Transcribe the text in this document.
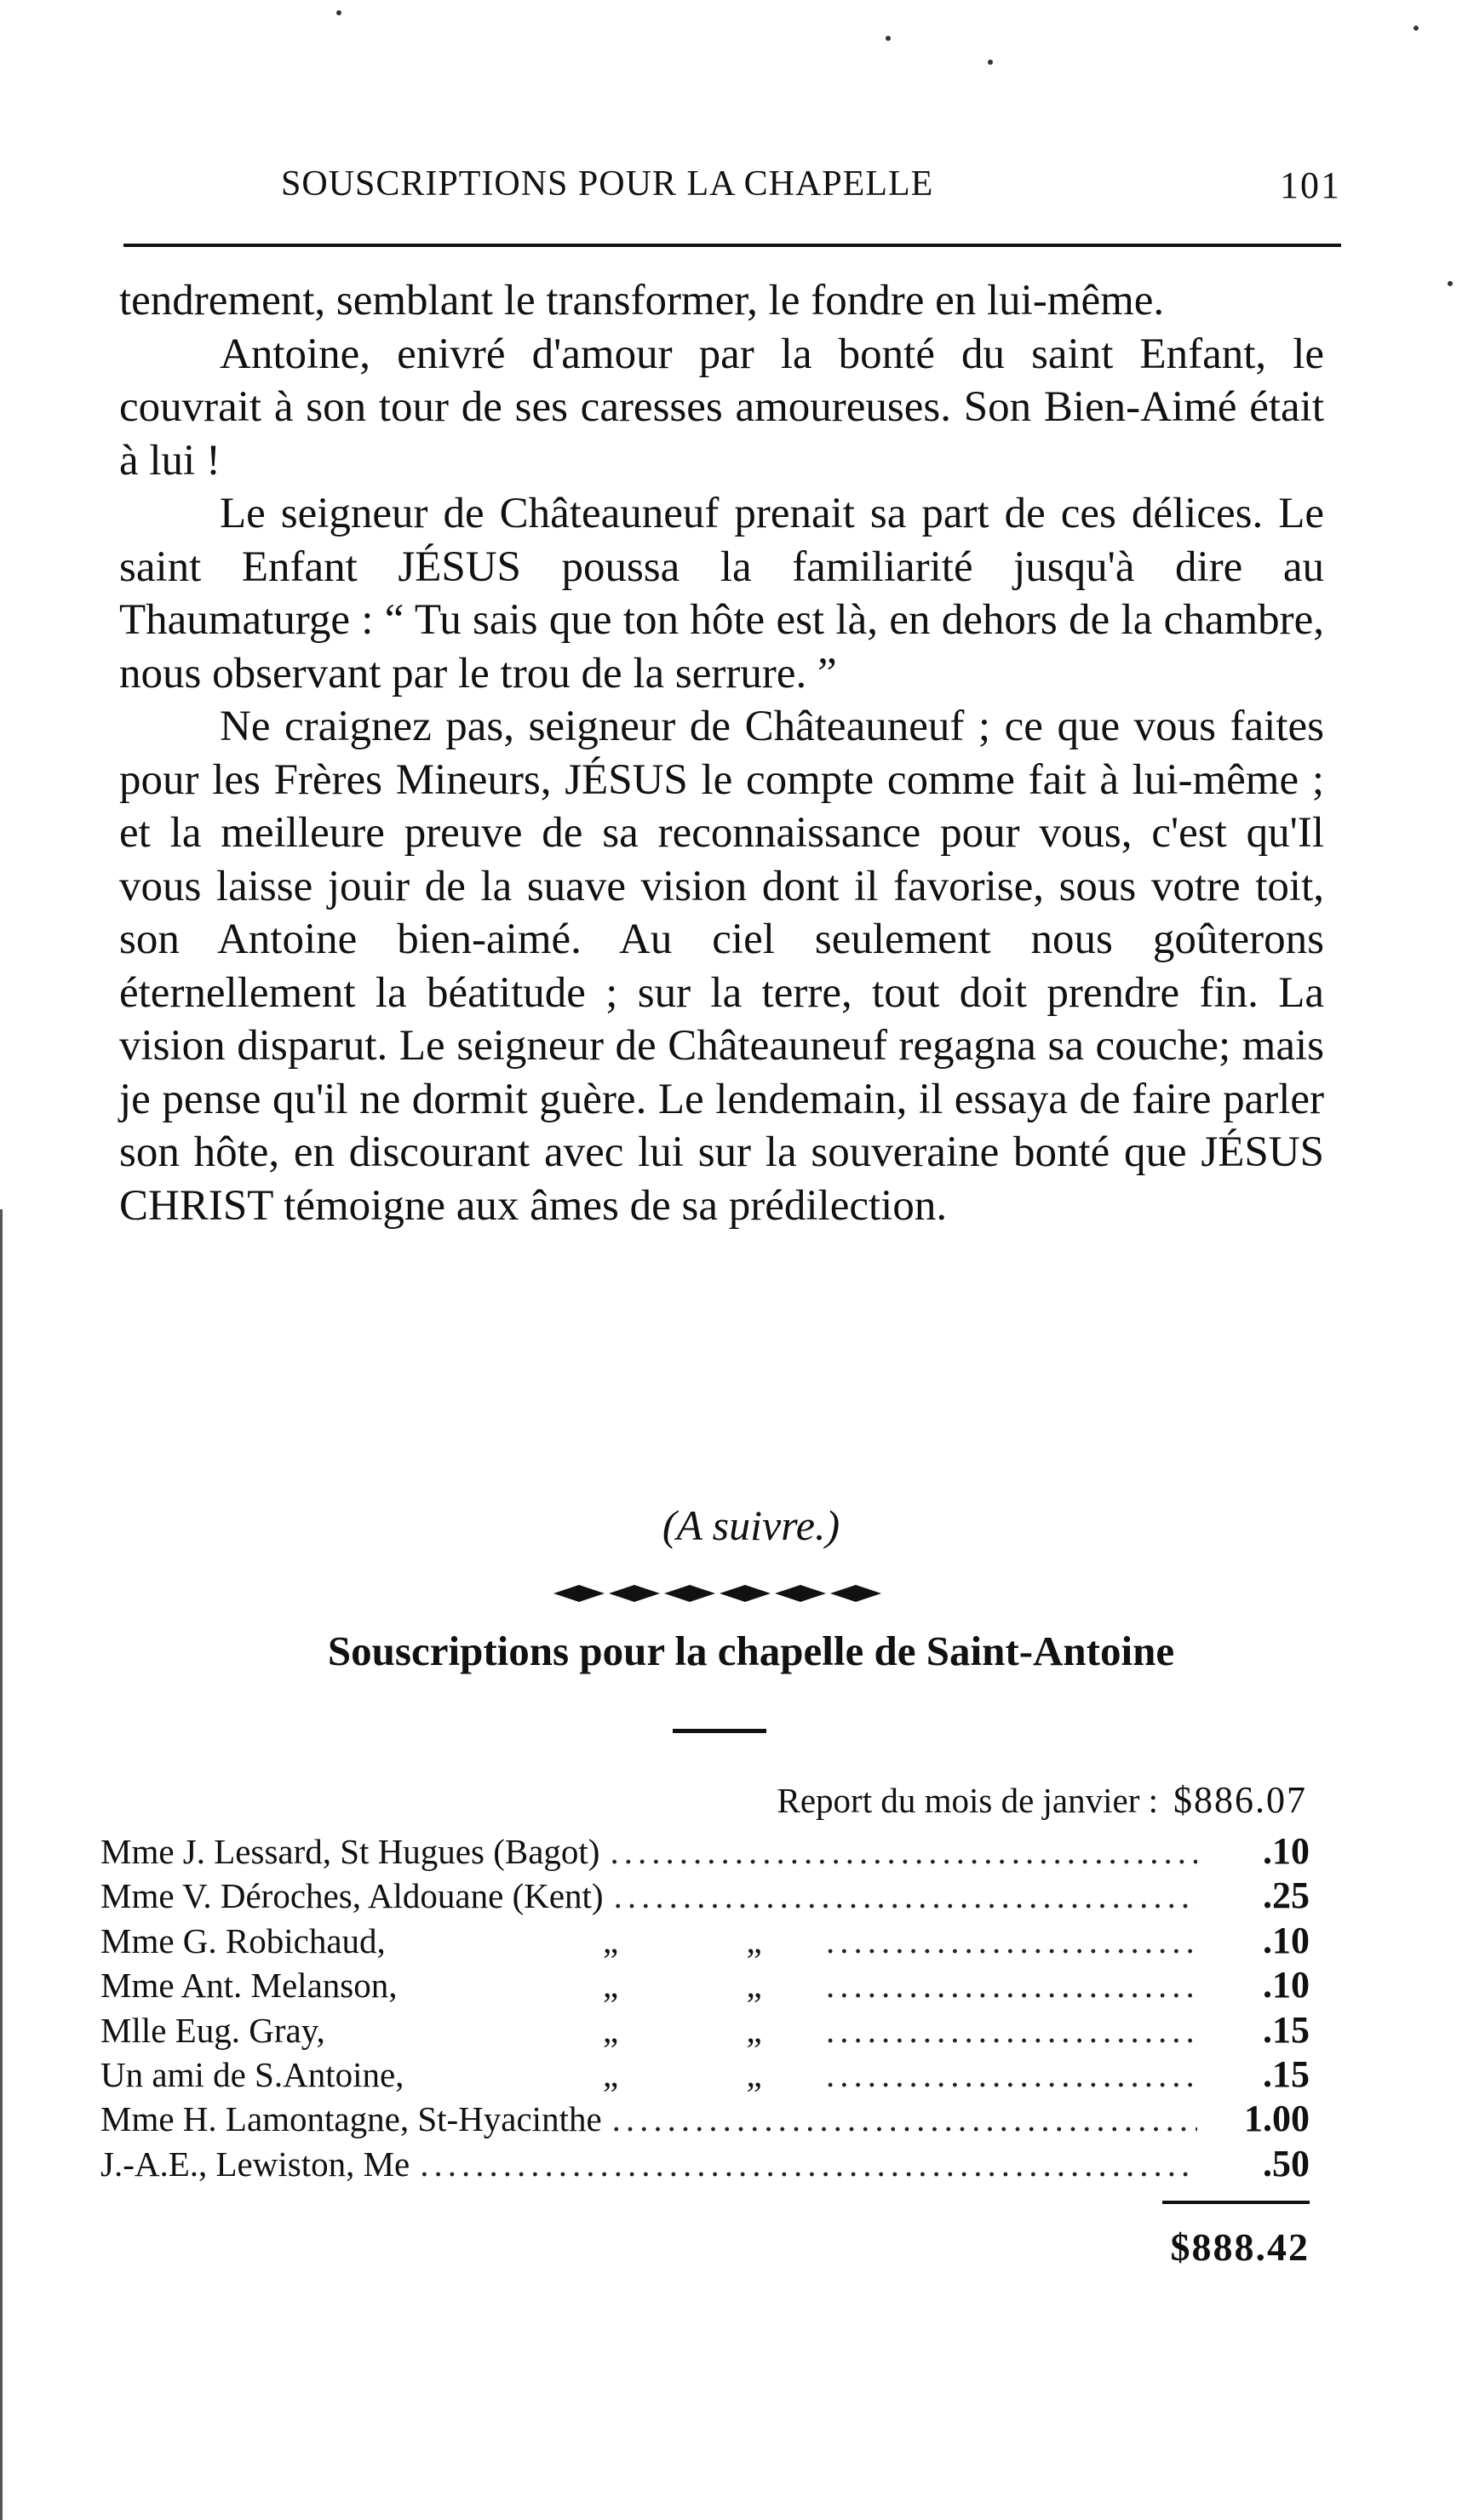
SOUSCRIPTIONS POUR LA CHAPELLE	101

tendrement, semblant le transformer, le fondre en lui-même.

Antoine, enivré d'amour par la bonté du saint Enfant, le couvrait à son tour de ses caresses amoureuses. Son Bien-Aimé était à lui !

Le seigneur de Châteauneuf prenait sa part de ces délices. Le saint Enfant JÉSUS poussa la familiarité jusqu'à dire au Thaumaturge : “ Tu sais que ton hôte est là, en dehors de la chambre, nous observant par le trou de la serrure. ”

Ne craignez pas, seigneur de Châteauneuf ; ce que vous faites pour les Frères Mineurs, JÉSUS le compte comme fait à lui-même ; et la meilleure preuve de sa reconnaissance pour vous, c'est qu'Il vous laisse jouir de la suave vision dont il favorise, sous votre toit, son Antoine bien-aimé. Au ciel seulement nous goûterons éternellement la béatitude ; sur la terre, tout doit prendre fin. La vision disparut. Le seigneur de Châteauneuf regagna sa couche; mais je pense qu'il ne dormit guère. Le lendemain, il essaya de faire parler son hôte, en discourant avec lui sur la souveraine bonté que JÉSUS CHRIST témoigne aux âmes de sa prédilection.

(A suivre.)
Souscriptions pour la chapelle de Saint-Antoine
Report du mois de janvier : $886.07
Mme J. Lessard, St Hugues (Bagot) .....	.10
Mme V. Déroches, Aldouane (Kent) .....	.25
Mme G. Robichaud,	„ „ .....	.10
Mme Ant. Melanson,	„ „ .....	.10
Mlle Eug. Gray,	„ „ .....	.15
Un ami de S.Antoine,	„ „ .....	.15
Mme H. Lamontagne, St-Hyacinthe .....	1.00
J.-A.E., Lewiston, Me .....	.50
$888.42
